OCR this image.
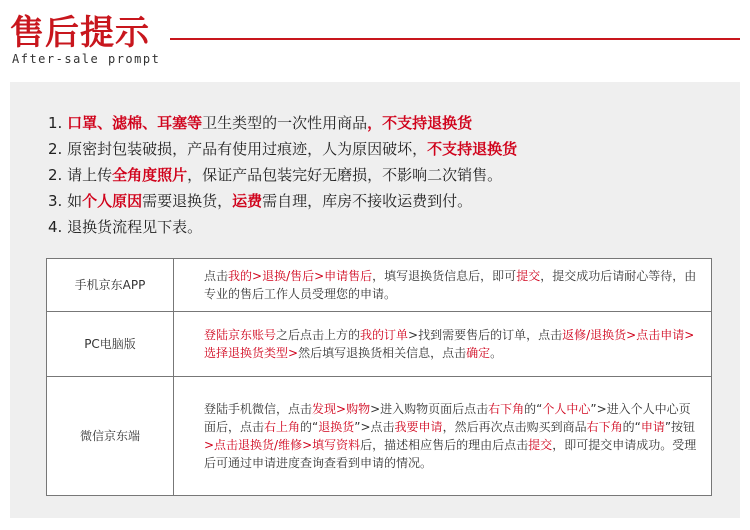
售后提示
After-sale prompt
1. 口罩、滤棉、耳塞等卫生类型的一次性用商品，不支持退换货
2. 原密封包装破损，产品有使用过痕迹，人为原因破坏，不支持退换货
2. 请上传全角度照片，保证产品包装完好无磨损，不影响二次销售。
3. 如个人原因需要退换货，运费需自理，库房不接收运费到付。
4. 退换货流程见下表。
手机京东APP	点击我的>退换/售后>申请售后，填写退换货信息后，即可提交，提交成功后请耐心等待，由专业的售后工作人员受理您的申请。
PC电脑版	登陆京东账号之后点击上方的我的订单>找到需要售后的订单，点击返修/退换货>点击申请>选择退换货类型>然后填写退换货相关信息，点击确定。
微信京东端	登陆手机微信，点击发现>购物>进入购物页面后点击右下角的“个人中心”>进入个人中心页面后，点击右上角的“退换货”>点击我要申请，然后再次点击购买到商品右下角的“申请”按钮>点击退换货/维修>填写资料后，描述相应售后的理由后点击提交，即可提交申请成功。受理后可通过申请进度查询查看到申请的情况。
